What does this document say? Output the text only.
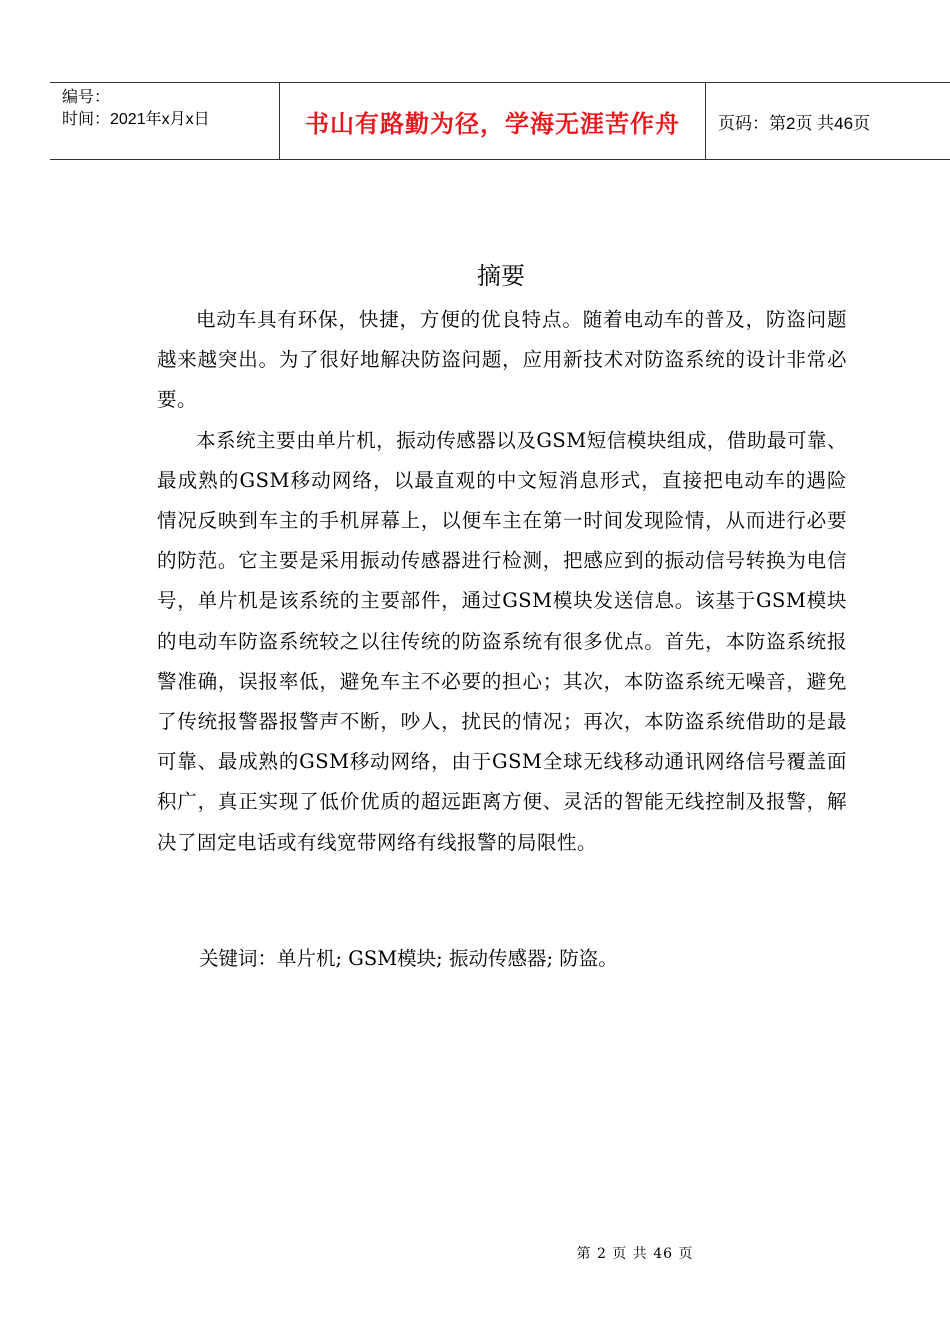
编号：
时间：2021年x月x日	书山有路勤为径，学海无涯苦作舟	页码：第2页 共46页
摘要

电动车具有环保，快捷，方便的优良特点。随着电动车的普及，防盗问题越来越突出。为了很好地解决防盗问题，应用新技术对防盗系统的设计非常必要。

本系统主要由单片机，振动传感器以及GSM短信模块组成，借助最可靠、最成熟的GSM移动网络，以最直观的中文短消息形式，直接把电动车的遇险情况反映到车主的手机屏幕上，以便车主在第一时间发现险情，从而进行必要的防范。它主要是采用振动传感器进行检测，把感应到的振动信号转换为电信号，单片机是该系统的主要部件，通过GSM模块发送信息。该基于GSM模块的电动车防盗系统较之以往传统的防盗系统有很多优点。首先，本防盗系统报警准确，误报率低，避免车主不必要的担心；其次，本防盗系统无噪音，避免了传统报警器报警声不断，吵人，扰民的情况；再次，本防盗系统借助的是最可靠、最成熟的GSM移动网络，由于GSM全球无线移动通讯网络信号覆盖面积广，真正实现了低价优质的超远距离方便、灵活的智能无线控制及报警，解决了固定电话或有线宽带网络有线报警的局限性。

关键词：单片机; GSM模块; 振动传感器; 防盗。
第 2 页 共 46 页
